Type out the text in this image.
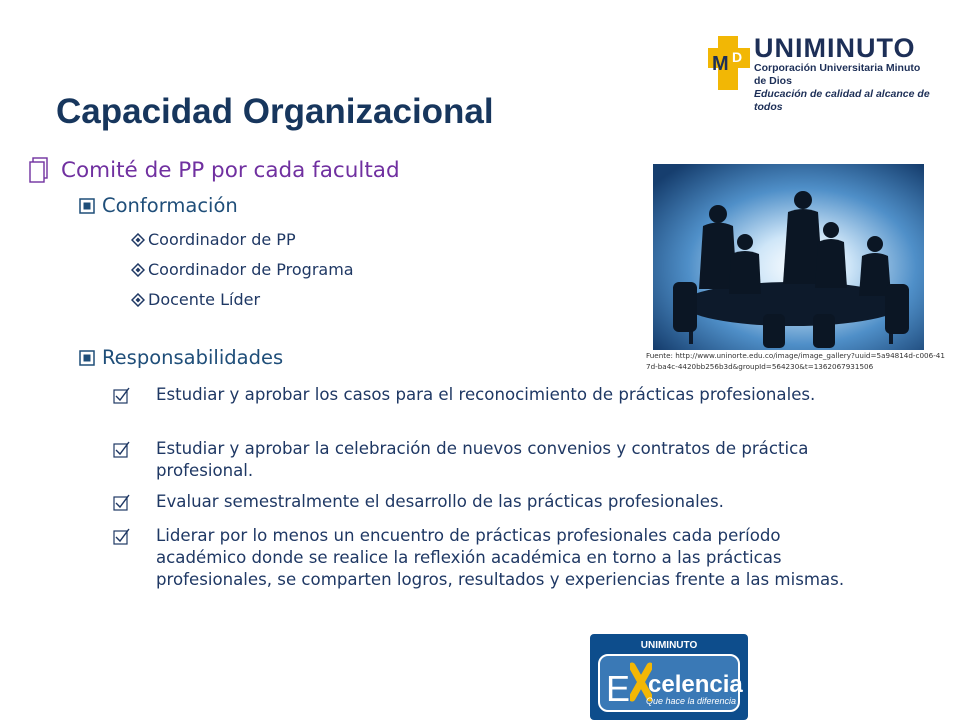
M D UNIMINUTO
Corporación Universitaria Minuto de Dios
Educación de calidad al alcance de todos
Capacidad Organizacional
Comité de PP por cada facultad
Conformación
Coordinador de PP
Coordinador de Programa
Docente Líder
Responsabilidades
Estudiar y aprobar los casos para el reconocimiento de prácticas profesionales.
Estudiar y aprobar la celebración de nuevos convenios y contratos de práctica profesional.
Evaluar semestralmente el desarrollo de las prácticas profesionales.
Liderar por lo menos un encuentro de prácticas profesionales cada período académico donde se realice la reflexión académica en torno a las prácticas profesionales, se comparten logros, resultados y experiencias frente a las mismas.
Fuente: http://www.uninorte.edu.co/image/image_gallery?uuid=5a94814d-c006-417d-ba4c-4420bb256b3d&groupId=564230&t=1362067931506
UNIMINUTO
E celencia
Que hace la diferencia
